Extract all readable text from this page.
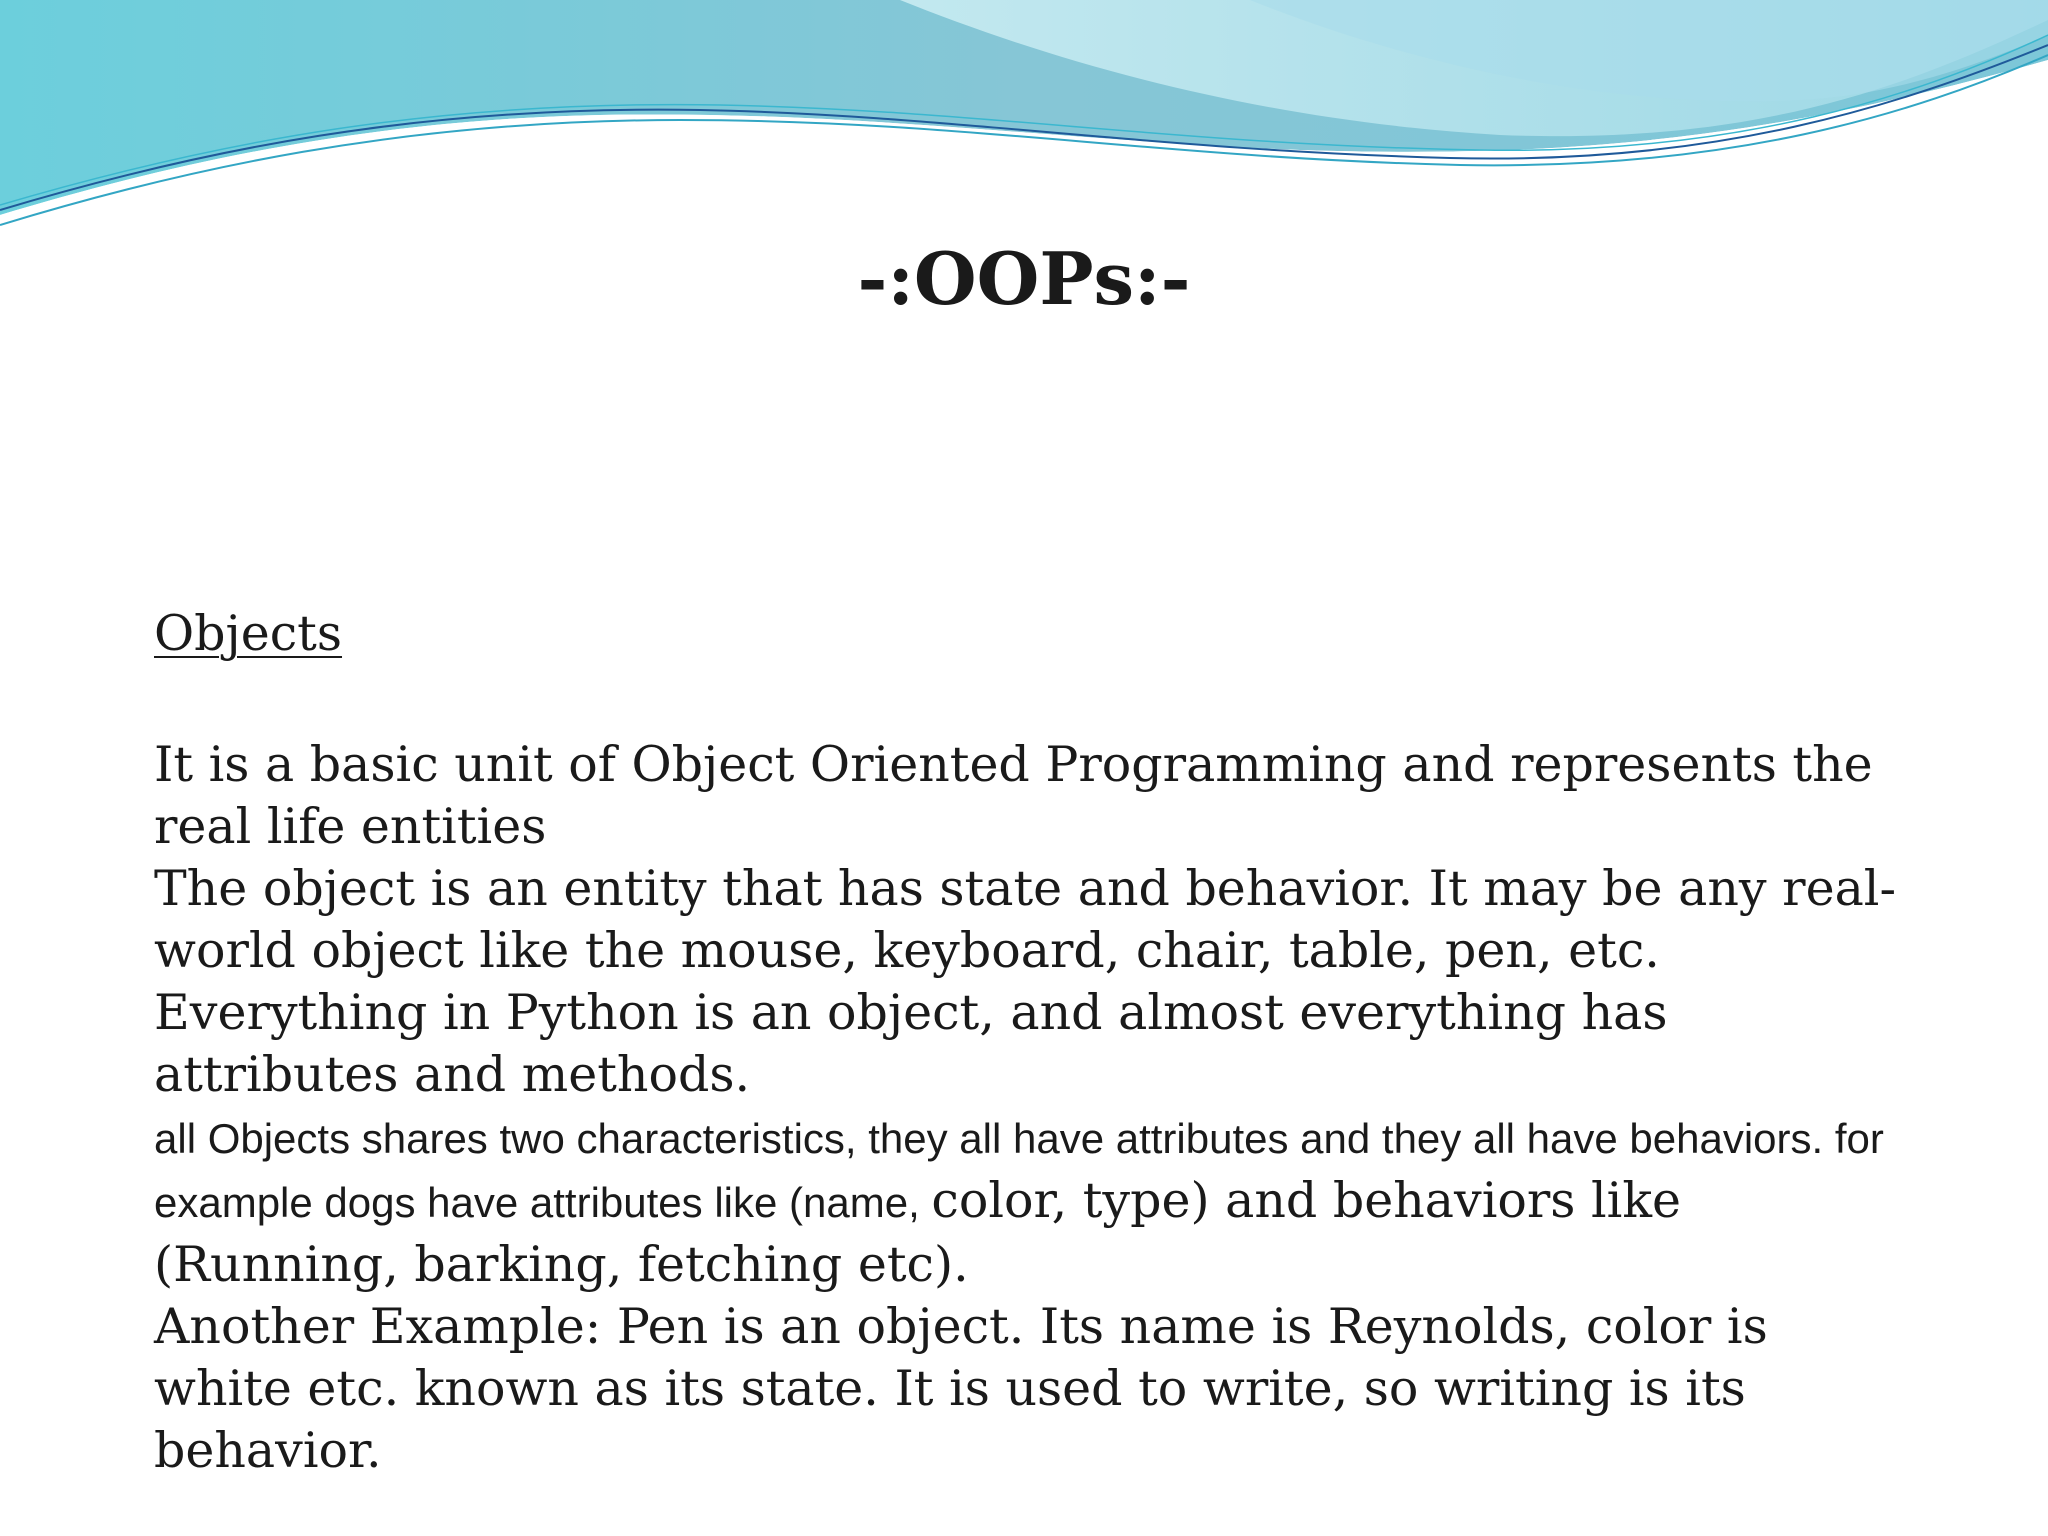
-:OOPs:-
Objects
It is a basic unit of Object Oriented Programming and represents the real life entities
The object is an entity that has state and behavior. It may be any real-world object like the mouse, keyboard, chair, table, pen, etc.
Everything in Python is an object, and almost everything has attributes and methods.
all Objects shares two characteristics, they all have attributes and they all have behaviors. for example dogs have attributes like (name, color, type) and behaviors like (Running, barking, fetching etc).
Another Example: Pen is an object. Its name is Reynolds, color is white etc. known as its state. It is used to write, so writing is its behavior.
